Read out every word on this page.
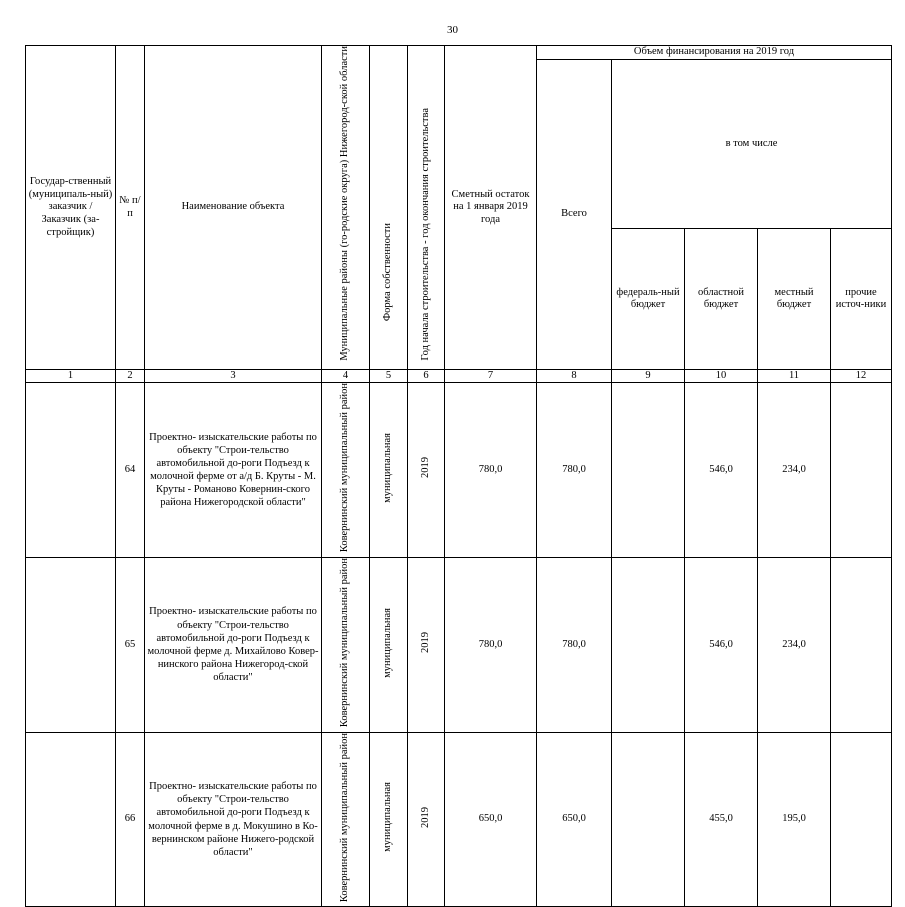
30
Государ-ственный (муниципаль-ный) заказчик / Заказчик (за-стройщик)	№ п/п	Наименование объекта	Муниципальные районы (го-родские округа) Нижегород-ской области	Форма собственности	Год начала строительства - год окончания строительства	Сметный остаток на 1 января 2019 года	Объем финансирования на 2019 год				
							Всего	в том числе			
								федераль-ный бюджет	областной бюджет	местный бюджет	прочие источ-ники
1	2	3	4	5	6	7	8	9	10	11	12
	64	Проектно- изыскательские работы по объекту "Строи-тельство автомобильной до-роги Подъезд к молочной ферме от а/д Б. Круты - М. Круты - Романово Ковернин-ского района Нижегородской области"	Ковернинский муниципальный район	муниципальная	2019	780,0	780,0		546,0	234,0	
	65	Проектно- изыскательские работы по объекту "Строи-тельство автомобильной до-роги Подъезд к молочной ферме д. Михайлово Ковер-нинского района Нижегород-ской области"	Ковернинский муниципальный район	муниципальная	2019	780,0	780,0		546,0	234,0	
	66	Проектно- изыскательские работы по объекту "Строи-тельство автомобильной до-роги Подъезд к молочной ферме в д. Мокушино в Ко-вернинском районе Нижего-родской области"	Ковернинский муниципальный район	муниципальная	2019	650,0	650,0		455,0	195,0	
